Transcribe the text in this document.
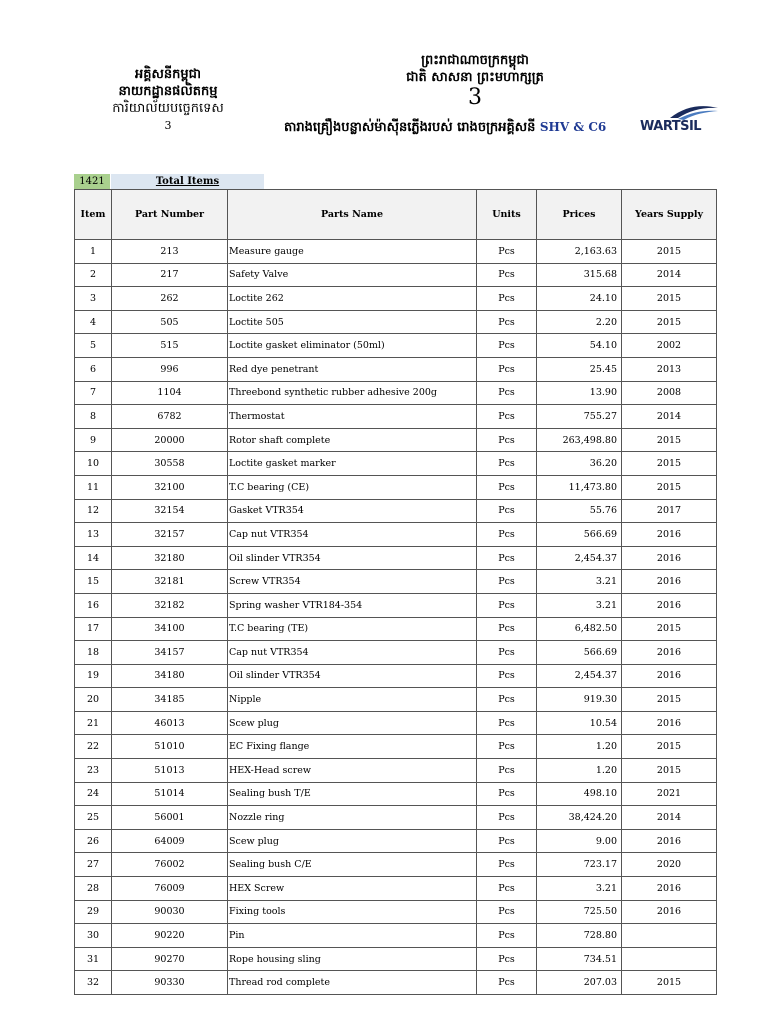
អគ្គិសនីកម្ពុជា
នាយកដ្ឋានផលិតកម្ម
ការិយាល័យបច្ចេកទេស
3
ព្រះរាជាណាចក្រកម្ពុជា
ជាតិ សាសនា ព្រះមហាក្សត្រ
3
តារាងគ្រឿងបន្លាស់ម៉ាស៊ីនភ្លើងរបស់ រោងចក្រអគ្គិសនី SHV & C6	WARTSIL
1421	Total Items
Item	Part Number	Parts Name	Units	Prices	Years Supply
1	213	Measure gauge	Pcs	2,163.63	2015
2	217	Safety Valve	Pcs	315.68	2014
3	262	Loctite 262	Pcs	24.10	2015
4	505	Loctite 505	Pcs	2.20	2015
5	515	Loctite gasket eliminator (50ml)	Pcs	54.10	2002
6	996	Red dye penetrant	Pcs	25.45	2013
7	1104	Threebond synthetic rubber adhesive 200g	Pcs	13.90	2008
8	6782	Thermostat	Pcs	755.27	2014
9	20000	Rotor shaft complete	Pcs	263,498.80	2015
10	30558	Loctite gasket marker	Pcs	36.20	2015
11	32100	T.C bearing (CE)	Pcs	11,473.80	2015
12	32154	Gasket VTR354	Pcs	55.76	2017
13	32157	Cap nut VTR354	Pcs	566.69	2016
14	32180	Oil slinder VTR354	Pcs	2,454.37	2016
15	32181	Screw VTR354	Pcs	3.21	2016
16	32182	Spring washer VTR184-354	Pcs	3.21	2016
17	34100	T.C bearing (TE)	Pcs	6,482.50	2015
18	34157	Cap nut VTR354	Pcs	566.69	2016
19	34180	Oil slinder VTR354	Pcs	2,454.37	2016
20	34185	Nipple	Pcs	919.30	2015
21	46013	Scew plug	Pcs	10.54	2016
22	51010	EC Fixing flange	Pcs	1.20	2015
23	51013	HEX-Head screw	Pcs	1.20	2015
24	51014	Sealing bush T/E	Pcs	498.10	2021
25	56001	Nozzle ring	Pcs	38,424.20	2014
26	64009	Scew plug	Pcs	9.00	2016
27	76002	Sealing bush C/E	Pcs	723.17	2020
28	76009	HEX Screw	Pcs	3.21	2016
29	90030	Fixing tools	Pcs	725.50	2016
30	90220	Pin	Pcs	728.80	
31	90270	Rope housing sling	Pcs	734.51	
32	90330	Thread rod complete	Pcs	207.03	2015
